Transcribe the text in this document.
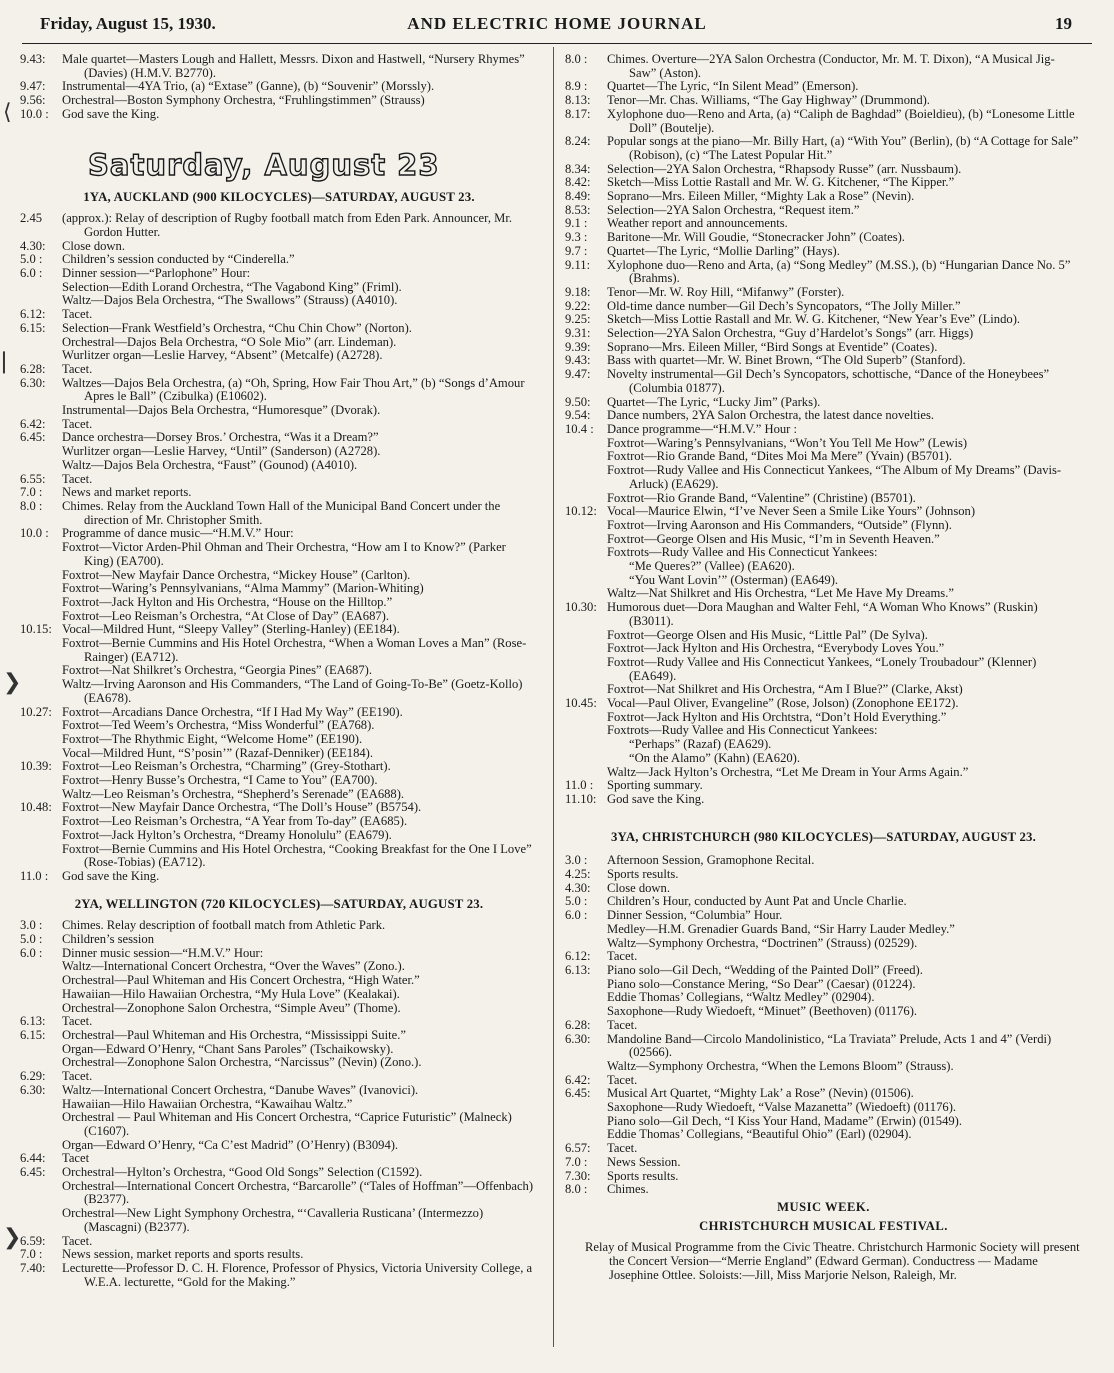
Friday, August 15, 1930.	AND ELECTRIC HOME JOURNAL	19
9.43:	Male quartet—Masters Lough and Hallett, Messrs. Dixon and Hastwell, “Nursery Rhymes” (Davies) (H.M.V. B2770).
9.47:	Instrumental—4YA Trio, (a) “Extase” (Ganne), (b) “Souvenir” (Morssly).
9.56:	Orchestral—Boston Symphony Orchestra, “Fruhlingstimmen” (Strauss)
10.0 :	God save the King.
Saturday, August 23
1YA, AUCKLAND (900 KILOCYCLES)—SATURDAY, AUGUST 23.
2.45	(approx.): Relay of description of Rugby football match from Eden Park. Announcer, Mr. Gordon Hutter.
4.30:	Close down.
5.0 :	Children’s session conducted by “Cinderella.”
6.0 :	Dinner session—“Parlophone” Hour:
Selection—Edith Lorand Orchestra, “The Vagabond King” (Friml).
Waltz—Dajos Bela Orchestra, “The Swallows” (Strauss) (A4010).
6.12:	Tacet.
6.15:	Selection—Frank Westfield’s Orchestra, “Chu Chin Chow” (Norton).
Orchestral—Dajos Bela Orchestra, “O Sole Mio” (arr. Lindeman).
Wurlitzer organ—Leslie Harvey, “Absent” (Metcalfe) (A2728).
6.28:	Tacet.
6.30:	Waltzes—Dajos Bela Orchestra, (a) “Oh, Spring, How Fair Thou Art,” (b) “Songs d’Amour Apres le Ball” (Czibulka) (E10602).
Instrumental—Dajos Bela Orchestra, “Humoresque” (Dvorak).
6.42:	Tacet.
6.45:	Dance orchestra—Dorsey Bros.’ Orchestra, “Was it a Dream?”
Wurlitzer organ—Leslie Harvey, “Until” (Sanderson) (A2728).
Waltz—Dajos Bela Orchestra, “Faust” (Gounod) (A4010).
6.55:	Tacet.
7.0 :	News and market reports.
8.0 :	Chimes. Relay from the Auckland Town Hall of the Municipal Band Concert under the direction of Mr. Christopher Smith.
10.0 :	Programme of dance music—“H.M.V.” Hour:
Foxtrot—Victor Arden-Phil Ohman and Their Orchestra, “How am I to Know?” (Parker King) (EA700).
Foxtrot—New Mayfair Dance Orchestra, “Mickey House” (Carlton).
Foxtrot—Waring’s Pennsylvanians, “Alma Mammy” (Marion-Whiting)
Foxtrot—Jack Hylton and His Orchestra, “House on the Hilltop.”
Foxtrot—Leo Reisman’s Orchestra, “At Close of Day” (EA687).
10.15: Vocal—Mildred Hunt, “Sleepy Valley” (Sterling-Hanley) (EE184).
Foxtrot—Bernie Cummins and His Hotel Orchestra, “When a Woman Loves a Man” (Rose-Rainger) (EA712).
Foxtrot—Nat Shilkret’s Orchestra, “Georgia Pines” (EA687).
Waltz—Irving Aaronson and His Commanders, “The Land of Going-To-Be” (Goetz-Kollo) (EA678).
10.27: Foxtrot—Arcadians Dance Orchestra, “If I Had My Way” (EE190).
Foxtrot—Ted Weem’s Orchestra, “Miss Wonderful” (EA768).
Foxtrot—The Rhythmic Eight, “Welcome Home” (EE190).
Vocal—Mildred Hunt, “S’posin’” (Razaf-Denniker) (EE184).
10.39: Foxtrot—Leo Reisman’s Orchestra, “Charming” (Grey-Stothart).
Foxtrot—Henry Busse’s Orchestra, “I Came to You” (EA700).
Waltz—Leo Reisman’s Orchestra, “Shepherd’s Serenade” (EA688).
10.48: Foxtrot—New Mayfair Dance Orchestra, “The Doll’s House” (B5754).
Foxtrot—Leo Reisman’s Orchestra, “A Year from To-day” (EA685).
Foxtrot—Jack Hylton’s Orchestra, “Dreamy Honolulu” (EA679).
Foxtrot—Bernie Cummins and His Hotel Orchestra, “Cooking Breakfast for the One I Love” (Rose-Tobias) (EA712).
11.0 :	God save the King.
2YA, WELLINGTON (720 KILOCYCLES)—SATURDAY, AUGUST 23.
3.0 :	Chimes. Relay description of football match from Athletic Park.
5.0 :	Children’s session
6.0 :	Dinner music session—“H.M.V.” Hour:
Waltz—International Concert Orchestra, “Over the Waves” (Zono.).
Orchestral—Paul Whiteman and His Concert Orchestra, “High Water.”
Hawaiian—Hilo Hawaiian Orchestra, “My Hula Love” (Kealakai).
Orchestral—Zonophone Salon Orchestra, “Simple Aveu” (Thome).
6.13:	Tacet.
6.15:	Orchestral—Paul Whiteman and His Orchestra, “Mississippi Suite.”
Organ—Edward O’Henry, “Chant Sans Paroles” (Tschaikowsky).
Orchestral—Zonophone Salon Orchestra, “Narcissus” (Nevin) (Zono.).
6.29:	Tacet.
6.30:	Waltz—International Concert Orchestra, “Danube Waves” (Ivanovici).
Hawaiian—Hilo Hawaiian Orchestra, “Kawaihau Waltz.”
Orchestral — Paul Whiteman and His Concert Orchestra, “Caprice Futuristic” (Malneck) (C1607).
Organ—Edward O’Henry, “Ca C’est Madrid” (O’Henry) (B3094).
6.44:	Tacet
6.45:	Orchestral—Hylton’s Orchestra, “Good Old Songs” Selection (C1592).
Orchestral—International Concert Orchestra, “Barcarolle” (“Tales of Hoffman”—Offenbach) (B2377).
Orchestral—New Light Symphony Orchestra, “‘Cavalleria Rusticana’ (Intermezzo) (Mascagni) (B2377).
6.59:	Tacet.
7.0 :	News session, market reports and sports results.
7.40:	Lecturette—Professor D. C. H. Florence, Professor of Physics, Victoria University College, a W.E.A. lecturette, “Gold for the Making.”
8.0 :	Chimes. Overture—2YA Salon Orchestra (Conductor, Mr. M. T. Dixon), “A Musical Jig-Saw” (Aston).
8.9 :	Quartet—The Lyric, “In Silent Mead” (Emerson).
8.13:	Tenor—Mr. Chas. Williams, “The Gay Highway” (Drummond).
8.17:	Xylophone duo—Reno and Arta, (a) “Caliph de Baghdad” (Boieldieu), (b) “Lonesome Little Doll” (Boutelje).
8.24:	Popular songs at the piano—Mr. Billy Hart, (a) “With You” (Berlin), (b) “A Cottage for Sale” (Robison), (c) “The Latest Popular Hit.”
8.34:	Selection—2YA Salon Orchestra, “Rhapsody Russe” (arr. Nussbaum).
8.42:	Sketch—Miss Lottie Rastall and Mr. W. G. Kitchener, “The Kipper.”
8.49:	Soprano—Mrs. Eileen Miller, “Mighty Lak a Rose” (Nevin).
8.53:	Selection—2YA Salon Orchestra, “Request item.”
9.1 :	Weather report and announcements.
9.3 :	Baritone—Mr. Will Goudie, “Stonecracker John” (Coates).
9.7 :	Quartet—The Lyric, “Mollie Darling” (Hays).
9.11:	Xylophone duo—Reno and Arta, (a) “Song Medley” (M.SS.), (b) “Hungarian Dance No. 5” (Brahms).
9.18:	Tenor—Mr. W. Roy Hill, “Mifanwy” (Forster).
9.22:	Old-time dance number—Gil Dech’s Syncopators, “The Jolly Miller.”
9.25:	Sketch—Miss Lottie Rastall and Mr. W. G. Kitchener, “New Year’s Eve” (Lindo).
9.31:	Selection—2YA Salon Orchestra, “Guy d’Hardelot’s Songs” (arr. Higgs)
9.39:	Soprano—Mrs. Eileen Miller, “Bird Songs at Eventide” (Coates).
9.43:	Bass with quartet—Mr. W. Binet Brown, “The Old Superb” (Stanford).
9.47:	Novelty instrumental—Gil Dech’s Syncopators, schottische, “Dance of the Honeybees” (Columbia 01877).
9.50:	Quartet—The Lyric, “Lucky Jim” (Parks).
9.54:	Dance numbers, 2YA Salon Orchestra, the latest dance novelties.
10.4 :	Dance programme—“H.M.V.” Hour :
Foxtrot—Waring’s Pennsylvanians, “Won’t You Tell Me How” (Lewis)
Foxtrot—Rio Grande Band, “Dites Moi Ma Mere” (Yvain) (B5701).
Foxtrot—Rudy Vallee and His Connecticut Yankees, “The Album of My Dreams” (Davis-Arluck) (EA629).
Foxtrot—Rio Grande Band, “Valentine” (Christine) (B5701).
10.12: Vocal—Maurice Elwin, “I’ve Never Seen a Smile Like Yours” (Johnson)
Foxtrot—Irving Aaronson and His Commanders, “Outside” (Flynn).
Foxtrot—George Olsen and His Music, “I’m in Seventh Heaven.”
Foxtrots—Rudy Vallee and His Connecticut Yankees:
“Me Queres?” (Vallee) (EA620).
“You Want Lovin’” (Osterman) (EA649).
Waltz—Nat Shilkret and His Orchestra, “Let Me Have My Dreams.”
10.30: Humorous duet—Dora Maughan and Walter Fehl, “A Woman Who Knows” (Ruskin) (B3011).
Foxtrot—George Olsen and His Music, “Little Pal” (De Sylva).
Foxtrot—Jack Hylton and His Orchestra, “Everybody Loves You.”
Foxtrot—Rudy Vallee and His Connecticut Yankees, “Lonely Troubadour” (Klenner) (EA649).
Foxtrot—Nat Shilkret and His Orchestra, “Am I Blue?” (Clarke, Akst)
10.45: Vocal—Paul Oliver, Evangeline” (Rose, Jolson) (Zonophone EE172).
Foxtrot—Jack Hylton and His Orchtstra, “Don’t Hold Everything.”
Foxtrots—Rudy Vallee and His Connecticut Yankees:
“Perhaps” (Razaf) (EA629).
“On the Alamo” (Kahn) (EA620).
Waltz—Jack Hylton’s Orchestra, “Let Me Dream in Your Arms Again.”
11.0 :	Sporting summary.
11.10: God save the King.
3YA, CHRISTCHURCH (980 KILOCYCLES)—SATURDAY, AUGUST 23.
3.0 :	Afternoon Session, Gramophone Recital.
4.25:	Sports results.
4.30:	Close down.
5.0 :	Children’s Hour, conducted by Aunt Pat and Uncle Charlie.
6.0 :	Dinner Session, “Columbia” Hour.
Medley—H.M. Grenadier Guards Band, “Sir Harry Lauder Medley.”
Waltz—Symphony Orchestra, “Doctrinen” (Strauss) (02529).
6.12:	Tacet.
6.13:	Piano solo—Gil Dech, “Wedding of the Painted Doll” (Freed).
Piano solo—Constance Mering, “So Dear” (Caesar) (01224).
Eddie Thomas’ Collegians, “Waltz Medley” (02904).
Saxophone—Rudy Wiedoeft, “Minuet” (Beethoven) (01176).
6.28:	Tacet.
6.30:	Mandoline Band—Circolo Mandolinistico, “La Traviata” Prelude, Acts 1 and 4” (Verdi) (02566).
Waltz—Symphony Orchestra, “When the Lemons Bloom” (Strauss).
6.42:	Tacet.
6.45:	Musical Art Quartet, “Mighty Lak’ a Rose” (Nevin) (01506).
Saxophone—Rudy Wiedoeft, “Valse Mazanetta” (Wiedoeft) (01176).
Piano solo—Gil Dech, “I Kiss Your Hand, Madame” (Erwin) (01549).
Eddie Thomas’ Collegians, “Beautiful Ohio” (Earl) (02904).
6.57:	Tacet.
7.0 :	News Session.
7.30:	Sports results.
8.0 :	Chimes.
MUSIC WEEK.
CHRISTCHURCH MUSICAL FESTIVAL.
Relay of Musical Programme from the Civic Theatre. Christchurch Harmonic Society will present the Concert Version—“Merrie England” (Edward German). Conductress — Madame Josephine Ottlee. Soloists:—Jill, Miss Marjorie Nelson, Raleigh, Mr.
⟨
⎸
❯
❯
